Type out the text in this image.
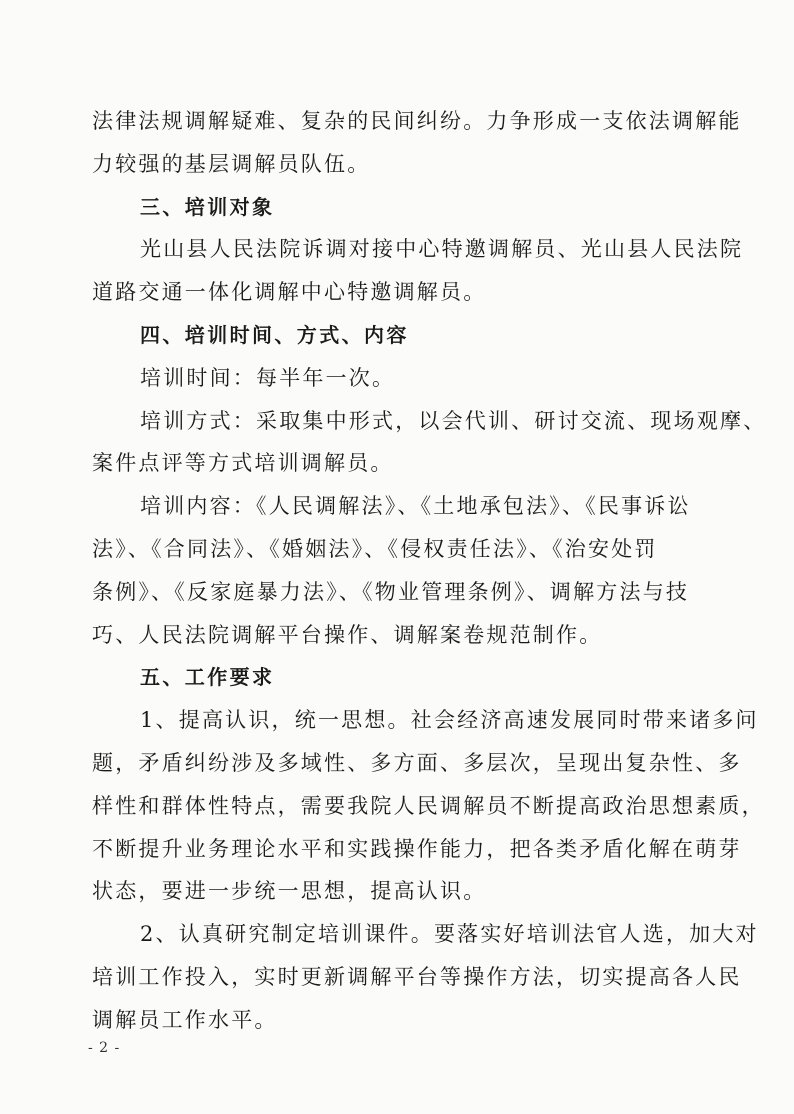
法律法规调解疑难、复杂的民间纠纷。力争形成一支依法调解能
力较强的基层调解员队伍。
三、培训对象
光山县人民法院诉调对接中心特邀调解员、光山县人民法院
道路交通一体化调解中心特邀调解员。
四、培训时间、方式、内容
培训时间：每半年一次。
培训方式：采取集中形式，以会代训、研讨交流、现场观摩、
案件点评等方式培训调解员。
培训内容：《人民调解法》、《土地承包法》、《民事诉讼
法》、《合同法》、《婚姻法》、《侵权责任法》、《治安处罚
条例》、《反家庭暴力法》、《物业管理条例》、调解方法与技
巧、人民法院调解平台操作、调解案卷规范制作。
五、工作要求
1、提高认识，统一思想。社会经济高速发展同时带来诸多问
题，矛盾纠纷涉及多域性、多方面、多层次，呈现出复杂性、多
样性和群体性特点，需要我院人民调解员不断提高政治思想素质，
不断提升业务理论水平和实践操作能力，把各类矛盾化解在萌芽
状态，要进一步统一思想，提高认识。
2、认真研究制定培训课件。要落实好培训法官人选，加大对
培训工作投入，实时更新调解平台等操作方法，切实提高各人民
调解员工作水平。
- 2 -
